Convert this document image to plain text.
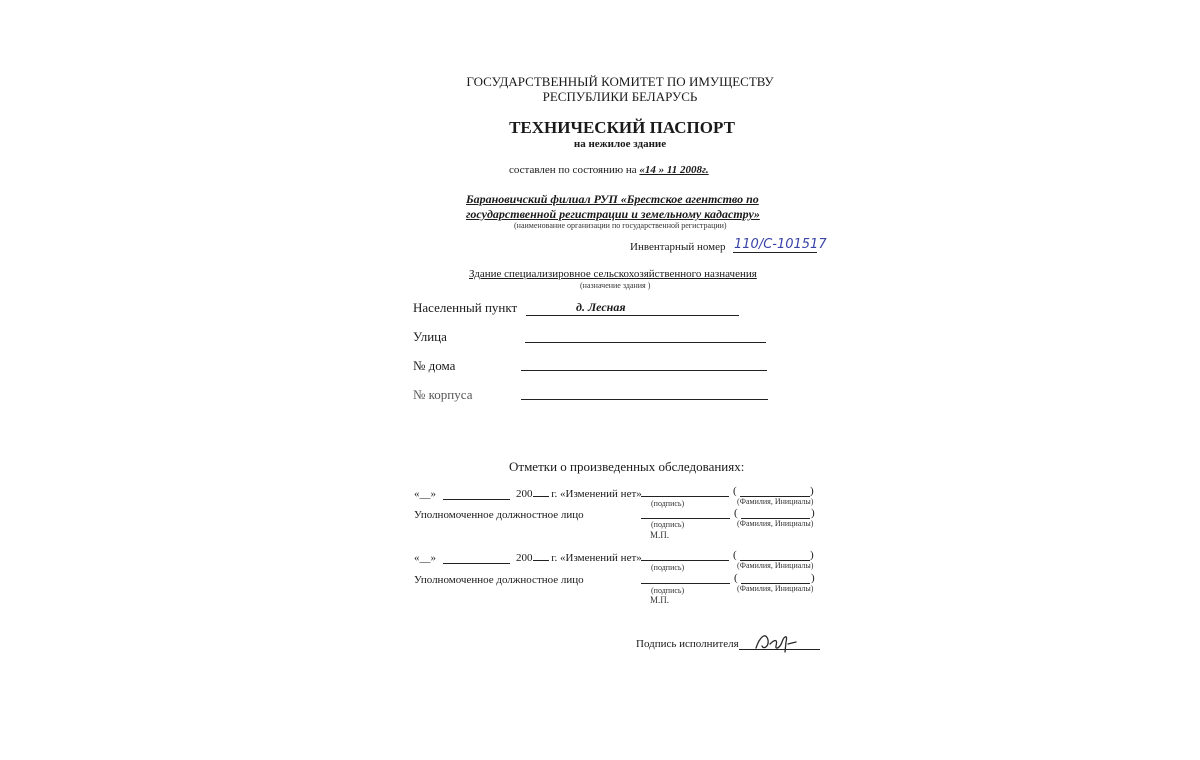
ГОСУДАРСТВЕННЫЙ КОМИТЕТ ПО ИМУЩЕСТВУ
РЕСПУБЛИКИ БЕЛАРУСЬ
ТЕХНИЧЕСКИЙ ПАСПОРТ
на нежилое здание
составлен по состоянию на «14 » 11 2008г.
Барановичский филиал РУП «Брестское агентство по
государственной регистрации и земельному кадастру»
(наименование организации по государственной регистрации)
Инвентарный номер 110/С-101517
Здание специализировное сельскохозяйственного назначения
(назначение здания )
Населенный пункт	д. Лесная
Улица
№ дома
№ корпуса
Отметки о произведенных обследованиях:
«__»	200 г. «Изменений нет»	(	)
(подпись)	(Фамилия, Инициалы)
Уполномоченное должностное лицо	(	)
(подпись)	(Фамилия, Инициалы)
М.П.
«__»	200 г. «Изменений нет»	(	)
(подпись)	(Фамилия, Инициалы)
Уполномоченное должностное лицо	(	)
(подпись)	(Фамилия, Инициалы)
М.П.
Подпись исполнителя
